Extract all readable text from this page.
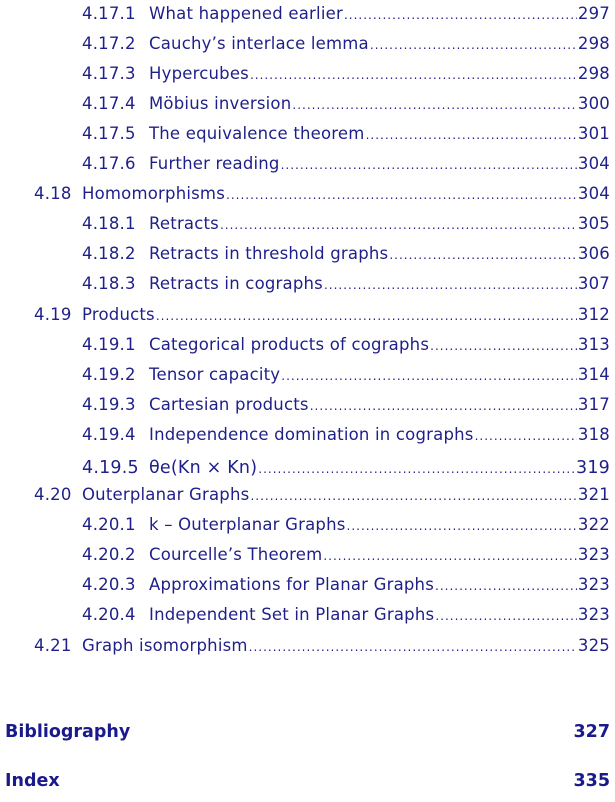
4.17.1 What happened earlier .....	297
4.17.2 Cauchy’s interlace lemma .....	298
4.17.3 Hypercubes .....	298
4.17.4 Möbius inversion .....	300
4.17.5 The equivalence theorem .....	301
4.17.6 Further reading .....	304
4.18 Homomorphisms .....	304
4.18.1 Retracts .....	305
4.18.2 Retracts in threshold graphs .....	306
4.18.3 Retracts in cographs .....	307
4.19 Products .....	312
4.19.1 Categorical products of cographs .....	313
4.19.2 Tensor capacity .....	314
4.19.3 Cartesian products .....	317
4.19.4 Independence domination in cographs .....	318
4.19.5 θe(Kn × Kn) .....	319
4.20 Outerplanar Graphs .....	321
4.20.1 k – Outerplanar Graphs .....	322
4.20.2 Courcelle’s Theorem .....	323
4.20.3 Approximations for Planar Graphs .....	323
4.20.4 Independent Set in Planar Graphs .....	323
4.21 Graph isomorphism .....	325
Bibliography	327
Index	335
